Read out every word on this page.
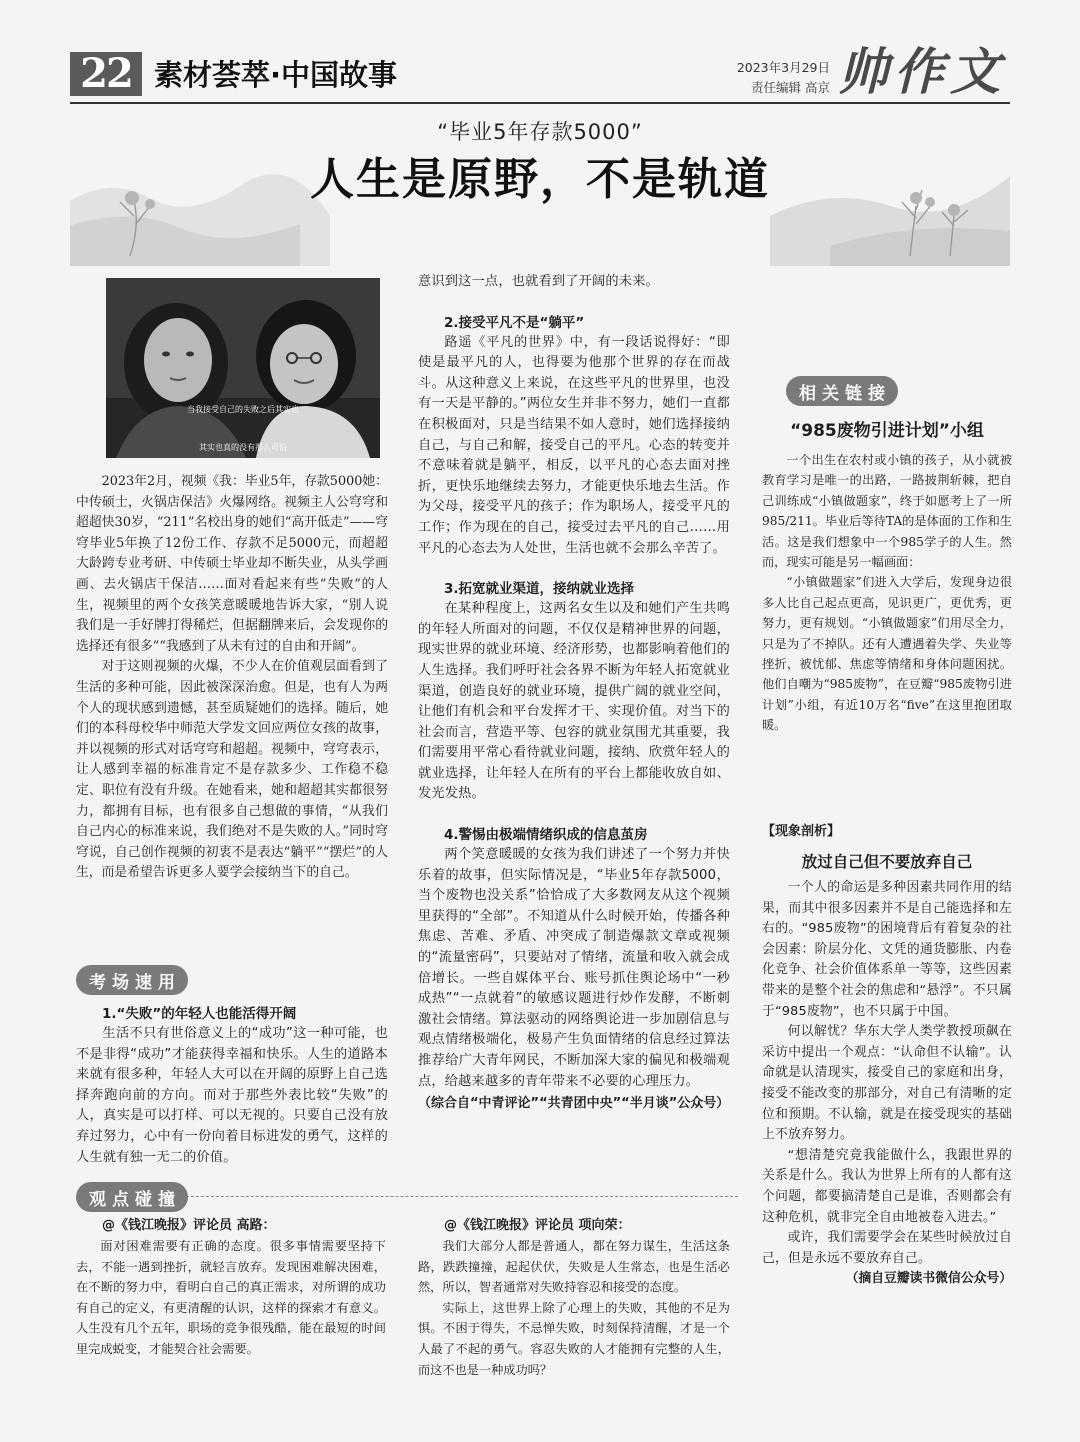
22 素材荟萃·中国故事	2023年3月29日
责任编辑 高京 帅作文
“毕业5年存款5000”
人生是原野，不是轨道
当我接受自己的失败之后其实也
其实也真的没有那么可怕

2023年2月，视频《我：毕业5年，存款5000她：中传硕士，火锅店保洁》火爆网络。视频主人公穹穹和超超快30岁，“211”名校出身的她们“高开低走”——穹穹毕业5年换了12份工作、存款不足5000元，而超超大龄跨专业考研、中传硕士毕业却不断失业，从头学画画、去火锅店干保洁……面对看起来有些“失败”的人生，视频里的两个女孩笑意暖暖地告诉大家，“别人说我们是一手好牌打得稀烂，但据翻牌来后，会发现你的选择还有很多”“我感到了从未有过的自由和开阔”。

对于这则视频的火爆，不少人在价值观层面看到了生活的多种可能，因此被深深治愈。但是，也有人为两个人的现状感到遗憾，甚至质疑她们的选择。随后，她们的本科母校华中师范大学发文回应两位女孩的故事，并以视频的形式对话穹穹和超超。视频中，穹穹表示，让人感到幸福的标准肯定不是存款多少、工作稳不稳定、职位有没有升级。在她看来，她和超超其实都很努力，都拥有目标，也有很多自己想做的事情，“从我们自己内心的标准来说，我们绝对不是失败的人。”同时穹穹说，自己创作视频的初衷不是表达“躺平”“摆烂”的人生，而是希望告诉更多人要学会接纳当下的自己。

考场速用

1.“失败”的年轻人也能活得开阔

生活不只有世俗意义上的“成功”这一种可能，也不是非得“成功”才能获得幸福和快乐。人生的道路本来就有很多种，年轻人大可以在开阔的原野上自己选择奔跑向前的方向。而对于那些外表比较“失败”的人，真实是可以打样、可以无视的。只要自己没有放弃过努力，心中有一份向着目标进发的勇气，这样的人生就有独一无二的价值。

意识到这一点，也就看到了开阔的未来。

2.接受平凡不是“躺平”

路遥《平凡的世界》中，有一段话说得好：“即使是最平凡的人，也得要为他那个世界的存在而战斗。从这种意义上来说，在这些平凡的世界里，也没有一天是平静的。”两位女生并非不努力，她们一直都在积极面对，只是当结果不如人意时，她们选择接纳自己，与自己和解，接受自己的平凡。心态的转变并不意味着就是躺平，相反，以平凡的心态去面对挫折，更快乐地继续去努力，才能更快乐地去生活。作为父母，接受平凡的孩子；作为职场人，接受平凡的工作；作为现在的自己，接受过去平凡的自己……用平凡的心态去为人处世，生活也就不会那么辛苦了。

3.拓宽就业渠道，接纳就业选择

在某种程度上，这两名女生以及和她们产生共鸣的年轻人所面对的问题，不仅仅是精神世界的问题，现实世界的就业环境、经济形势，也都影响着他们的人生选择。我们呼吁社会各界不断为年轻人拓宽就业渠道，创造良好的就业环境，提供广阔的就业空间，让他们有机会和平台发挥才干、实现价值。对当下的社会而言，营造平等、包容的就业氛围尤其重要，我们需要用平常心看待就业问题，接纳、欣赏年轻人的就业选择，让年轻人在所有的平台上都能收放自如、发光发热。

4.警惕由极端情绪织成的信息茧房

两个笑意暖暖的女孩为我们讲述了一个努力并快乐着的故事，但实际情况是，“毕业5年存款5000，当个废物也没关系”恰恰成了大多数网友从这个视频里获得的“全部”。不知道从什么时候开始，传播各种焦虑、苦难、矛盾、冲突成了制造爆款文章或视频的“流量密码”，只要站对了情绪，流量和收入就会成倍增长。一些自媒体平台、账号抓住舆论场中“一秒成热”“一点就着”的敏感议题进行炒作发酵，不断刺激社会情绪。算法驱动的网络舆论进一步加剧信息与观点情绪极端化，极易产生负面情绪的信息经过算法推荐给广大青年网民，不断加深大家的偏见和极端观点，给越来越多的青年带来不必要的心理压力。

（综合自“中青评论”“共青团中央”“半月谈”公众号）

相关链接

“985废物引进计划”小组

一个出生在农村或小镇的孩子，从小就被教育学习是唯一的出路，一路披荆斩棘，把自己训练成“小镇做题家”，终于如愿考上了一所985/211。毕业后等待TA的是体面的工作和生活。这是我们想象中一个985学子的人生。然而，现实可能是另一幅画面：

“小镇做题家”们进入大学后，发现身边很多人比自己起点更高，见识更广，更优秀，更努力，更有规划。“小镇做题家”们用尽全力，只是为了不掉队。还有人遭遇着失学、失业等挫折，被忧郁、焦虑等情绪和身体问题困扰。他们自嘲为“985废物”，在豆瓣“985废物引进计划”小组，有近10万名“five”在这里抱团取暖。

【现象剖析】

放过自己但不要放弃自己

一个人的命运是多种因素共同作用的结果，而其中很多因素并不是自己能选择和左右的。“985废物”的困境背后有着复杂的社会因素：阶层分化、文凭的通货膨胀、内卷化竞争、社会价值体系单一等等，这些因素带来的是整个社会的焦虑和“悬浮”。不只属于“985废物”，也不只属于中国。

何以解忧？华东大学人类学教授项飙在采访中提出一个观点：“认命但不认输”。认命就是认清现实，接受自己的家庭和出身，接受不能改变的那部分，对自己有清晰的定位和预期。不认输，就是在接受现实的基础上不放弃努力。

“想清楚究竟我能做什么，我跟世界的关系是什么。我认为世界上所有的人都有这个问题，都要搞清楚自己是谁，否则都会有这种危机，就非完全自由地被卷入进去。”

或许，我们需要学会在某些时候放过自己，但是永远不要放弃自己。

（摘自豆瓣读书微信公众号）

观点碰撞

@《钱江晚报》评论员 高路：

面对困难需要有正确的态度。很多事情需要坚持下去，不能一遇到挫折，就轻言放弃。发现困难解决困难，在不断的努力中，看明白自己的真正需求，对所谓的成功有自己的定义，有更清醒的认识，这样的探索才有意义。人生没有几个五年，职场的竞争很残酷，能在最短的时间里完成蜕变，才能契合社会需要。

@《钱江晚报》评论员 项向荣：

我们大部分人都是普通人，都在努力谋生，生活这条路，跌跌撞撞，起起伏伏，失败是人生常态，也是生活必然，所以，智者通常对失败持容忍和接受的态度。

实际上，这世界上除了心理上的失败，其他的不足为惧。不困于得失，不忌惮失败，时刻保持清醒，才是一个人最了不起的勇气。容忍失败的人才能拥有完整的人生，而这不也是一种成功吗？
